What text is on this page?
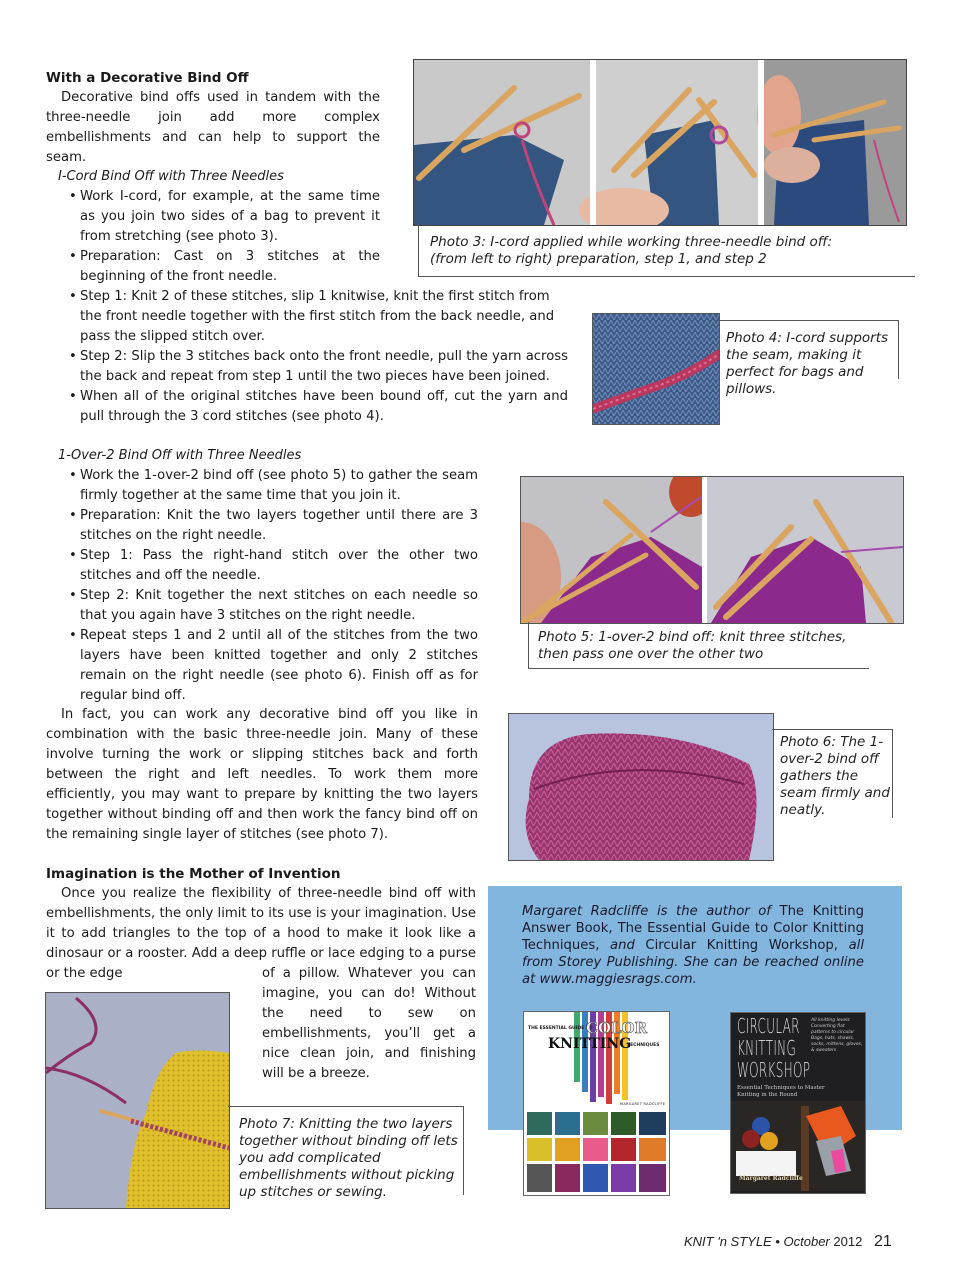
With a Decorative Bind Off
Decorative bind offs used in tandem with the three-needle join add more complex embellishments and can help to support the seam.
I-Cord Bind Off with Three Needles
• Work I-cord, for example, at the same time as you join two sides of a bag to prevent it from stretching (see photo 3).
• Preparation: Cast on 3 stitches at the beginning of the front needle.
• Step 1: Knit 2 of these stitches, slip 1 knitwise, knit the first stitch from the front needle together with the first stitch from the back needle, and pass the slipped stitch over.
• Step 2: Slip the 3 stitches back onto the front needle, pull the yarn across the back and repeat from step 1 until the two pieces have been joined.
• When all of the original stitches have been bound off, cut the yarn and pull through the 3 cord stitches (see photo 4).
1-Over-2 Bind Off with Three Needles
• Work the 1-over-2 bind off (see photo 5) to gather the seam firmly together at the same time that you join it.
• Preparation: Knit the two layers together until there are 3 stitches on the right needle.
• Step 1: Pass the right-hand stitch over the other two stitches and off the needle.
• Step 2: Knit together the next stitches on each needle so that you again have 3 stitches on the right needle.
• Repeat steps 1 and 2 until all of the stitches from the two layers have been knitted together and only 2 stitches remain on the right needle (see photo 6). Finish off as for regular bind off.
In fact, you can work any decorative bind off you like in combination with the basic three-needle join. Many of these involve turning the work or slipping stitches back and forth between the right and left needles. To work them more efficiently, you may want to prepare by knitting the two layers together without binding off and then work the fancy bind off on the remaining single layer of stitches (see photo 7).
Imagination is the Mother of Invention
Once you realize the flexibility of three-needle bind off with embellishments, the only limit to its use is your imagination. Use it to add triangles to the top of a hood to make it look like a dinosaur or a rooster. Add a deep ruffle or lace edging to a purse or the edge	of a pillow. Whatever you can imagine, you can do! Without the need to sew on embellishments, you’ll get a nice clean join, and finishing will be a breeze.
Photo 3: I-cord applied while working three-needle bind off: (from left to right) preparation, step 1, and step 2
Photo 4: I-cord supports the seam, making it perfect for bags and pillows.
Photo 5: 1-over-2 bind off: knit three stitches, then pass one over the other two
Photo 6: The 1-over-2 bind off gathers the seam firmly and neatly.
Photo 7: Knitting the two layers together without binding off lets you add complicated embellishments without picking up stitches or sewing.
Margaret Radcliffe is the author of The Knitting Answer Book, The Essential Guide to Color Knitting Techniques, and Circular Knitting Workshop, all from Storey Publishing. She can be reached online at www.maggiesrags.com.
THE ESSENTIAL GUIDE TO
COLOR
KNITTING
TECHNIQUES
MARGARET RADCLIFFE
CIRCULAR
KNITTING
WORKSHOP
All knitting levels
Converting flat patterns to circular
Bags, hats, shawls, socks, mittens, gloves, & sweaters
Essential Techniques to Master Knitting in the Round
Margaret Radcliffe
KNIT 'n STYLE • October 2012 21
